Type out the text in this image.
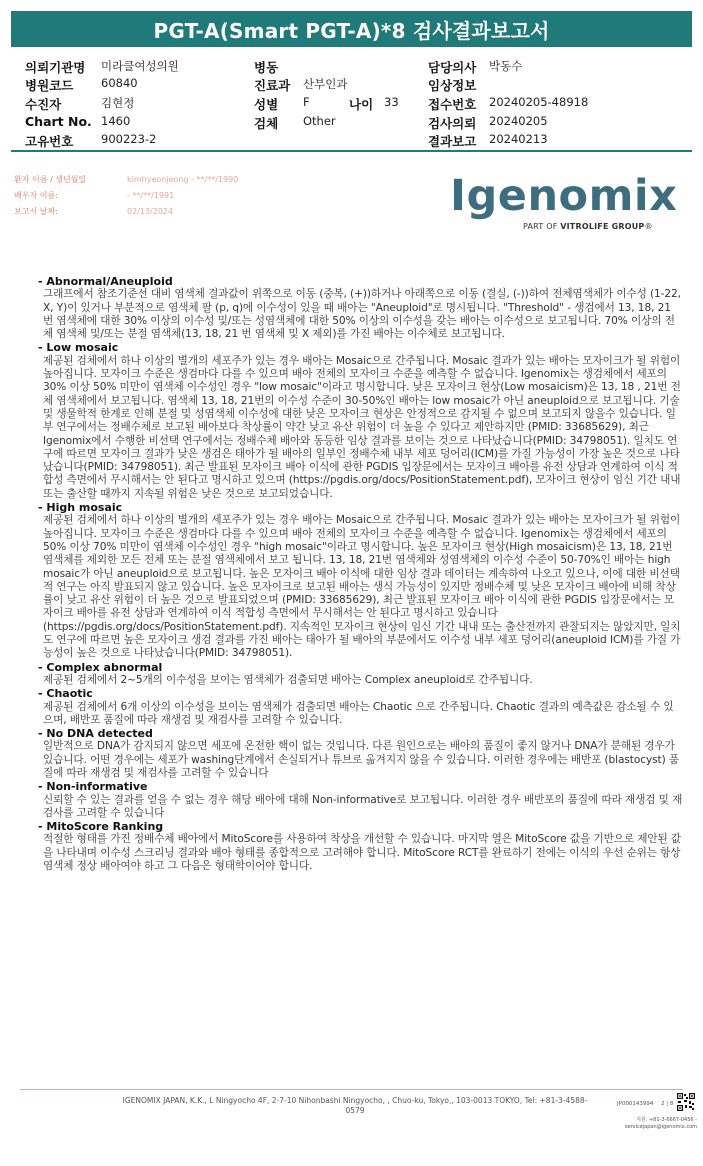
PGT-A(Smart PGT-A)*8 검사결과보고서
의뢰기관명 미라클여성의원
병원코드 60840
수진자	김현정
Chart No. 1460
고유번호 900223-2
병동
진료과 산부인과
성별 F	나이 33
검체 Other
담당의사 박동수
임상정보
접수번호 20240205-48918
검사의뢰 20240205
결과보고 20240213
환자 이름 / 생년월일	kimhyeonjeong - **/**/1990
배우자 이름:	- **/**/1991
보고서 날짜:	02/13/2024	Igenomix
PART OF VITROLIFE GROUP®
- Abnormal/Aneuploid
그래프에서 참조기준선 대비 염색체 결과값이 위쪽으로 이동 (중복, (+))하거나 아래쪽으로 이동 (결실, (-))하여 전체염색체가 이수성 (1-22, X, Y)이 있거나 부분적으로 염색체 팔 (p, q)에 이수성이 있을 때 배아는 "Aneuploid"로 명시됩니다. "Threshold" - 생검에서 13, 18, 21 번 염색체에 대한 30% 이상의 이수성 및/또는 성염색체에 대한 50% 이상의 이수성을 갖는 배아는 이수성으로 보고됩니다. 70% 이상의 전체 염색체 및/또는 분절 염색체(13, 18, 21 번 염색체 및 X 제외)를 가진 배아는 이수체로 보고됩니다.
- Low mosaic
제공된 검체에서 하나 이상의 별개의 세포주가 있는 경우 배아는 Mosaic으로 간주됩니다. Mosaic 결과가 있는 배아는 모자이크가 될 위험이 높아집니다. 모자이크 수준은 생검마다 다를 수 있으며 배아 전체의 모자이크 수준을 예측할 수 없습니다. Igenomix는 생검체에서 세포의 30% 이상 50% 미만이 염색체 이수성인 경우 "low mosaic"이라고 명시합니다. 낮은 모자이크 현상(Low mosaicism)은 13, 18 , 21번 전체 염색체에서 보고됩니다. 염색체 13, 18, 21번의 이수성 수준이 30-50%인 배아는 low mosaic가 아닌 aneuploid으로 보고됩니다. 기술 및 생물학적 한계로 인해 분절 및 성염색체 이수성에 대한 낮은 모자이크 현상은 안정적으로 감지될 수 없으며 보고되지 않을수 있습니다. 일부 연구에서는 정배수체로 보고된 배아보다 착상률이 약간 낮고 유산 위험이 더 높을 수 있다고 제안하지만 (PMID: 33685629), 최근 Igenomix에서 수행한 비선택 연구에서는 정배수체 배아와 동등한 임상 결과를 보이는 것으로 나타났습니다(PMID: 34798051). 일치도 연구에 따르면 모자이크 결과가 낮은 생검은 태아가 될 배아의 일부인 정배수체 내부 세포 덩어리(ICM)를 가질 가능성이 가장 높은 것으로 나타났습니다(PMID: 34798051). 최근 발표된 모자이크 배아 이식에 관한 PGDIS 입장문에서는 모자이크 배아를 유전 상담과 연계하여 이식 적합성 측면에서 무시해서는 안 된다고 명시하고 있으며 (https://pgdis.org/docs/PositionStatement.pdf), 모자이크 현상이 임신 기간 내내 또는 출산할 때까지 지속될 위험은 낮은 것으로 보고되었습니다.
- High mosaic
제공된 검체에서 하나 이상의 별개의 세포주가 있는 경우 배아는 Mosaic으로 간주됩니다. Mosaic 결과가 있는 배아는 모자이크가 될 위험이 높아집니다. 모자이크 수준은 생검마다 다를 수 있으며 배아 전체의 모자이크 수준을 예측할 수 없습니다. Igenomix는 생검체에서 세포의 50% 이상 70% 미만이 염색체 이수성인 경우 "high mosaic"이라고 명시합니다. 높은 모자이크 현상(High mosaicism)은 13, 18, 21번 염색체를 제외한 모든 전체 또는 분절 염색체에서 보고 됩니다. 13, 18, 21번 염색체와 성염색체의 이수성 수준이 50-70%인 배아는 high mosaic가 아닌 aneuploid으로 보고됩니다. 높은 모자이크 배아 이식에 대한 임상 결과 데이터는 계속하여 나오고 있으나, 이에 대한 비선택적 연구는 아직 발표되지 않고 있습니다. 높은 모자이크로 보고된 배아는 생식 가능성이 있지만 정배수체 및 낮은 모자이크 배아에 비해 착상률이 낮고 유산 위험이 더 높은 것으로 발표되었으며 (PMID: 33685629), 최근 발표된 모자이크 배아 이식에 관한 PGDIS 입장문에서는 모자이크 배아를 유전 상담과 연계하여 이식 적합성 측면에서 무시해서는 안 된다고 명시하고 있습니다 (https://pgdis.org/docs/PositionStatement.pdf). 지속적인 모자이크 현상이 임신 기간 내내 또는 출산전까지 관찰되지는 않았지만, 일치도 연구에 따르면 높은 모자이크 생검 결과를 가진 배아는 태아가 될 배아의 부분에서도 이수성 내부 세포 덩어리(aneuploid ICM)를 가질 가능성이 높은 것으로 나타났습니다(PMID: 34798051).
- Complex abnormal
제공된 검체에서 2~5개의 이수성을 보이는 염색체가 검출되면 배아는 Complex aneuploid로 간주됩니다.
- Chaotic
제공된 검체에서 6개 이상의 이수성을 보이는 염색체가 검출되면 배아는 Chaotic 으로 간주됩니다. Chaotic 결과의 예측값은 감소될 수 있으며, 배반포 품질에 따라 재생검 및 재검사를 고려할 수 있습니다.
- No DNA detected
일반적으로 DNA가 감지되지 않으면 세포에 온전한 핵이 없는 것입니다. 다른 원인으로는 배아의 품질이 좋지 않거나 DNA가 분해된 경우가 있습니다. 어떤 경우에는 세포가 washing단계에서 손실되거나 튜브로 옮겨지지 않을 수 있습니다. 이러한 경우에는 배반포 (blastocyst) 품질에 따라 재생검 및 재검사를 고려할 수 있습니다
- Non-informative
신뢰할 수 있는 결과를 얻을 수 없는 경우 해당 배아에 대해 Non-informative로 보고됩니다. 이러한 경우 배반포의 품질에 따라 재생검 및 재검사를 고려할 수 있습니다
- MitoScore Ranking
적절한 형태를 가진 정배수체 배아에서 MitoScore를 사용하여 착상을 개선할 수 있습니다. 마지막 열은 MitoScore 값을 기반으로 제안된 값을 나타내며 이수성 스크리닝 결과와 배아 형태를 종합적으로 고려해야 합니다. MitoScore RCT를 완료하기 전에는 이식의 우선 순위는 항상 염색체 정상 배아여야 하고 그 다음은 형태학이어야 합니다.
IGENOMIX JAPAN, K.K., L Ningyocho 4F, 2-7-10 Nihonbashi Ningyocho, , Chuo-ku, Tokyo,, 103-0013 TOKYO, Tel: +81-3-4588-0579
JP000143994 2 | 8
지원: +81-3-6667-0456 -
servicejapan@igenomix.com
